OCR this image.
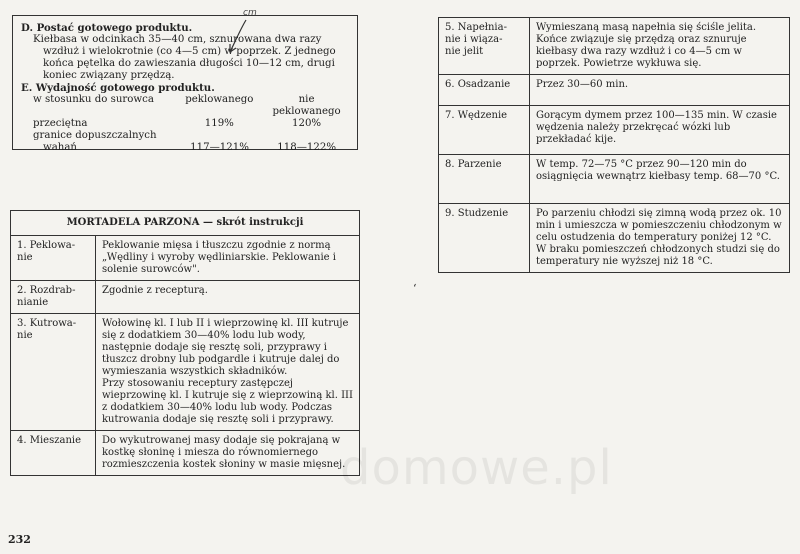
D. Postać gotowego produktu.
Kiełbasa w odcinkach 35—40 cm, sznurowana dwa razy
wzdłuż i wielokrotnie (co 4—5 cm) w poprzek. Z jednego
końca pętelka do zawieszania długości 10—12 cm, drugi
koniec związany przędzą.
E. Wydajność gotowego produktu.
w stosunku do surowca	peklowanego	nie peklowanego
przeciętna	119%	120%
granice dopuszczalnych
wahań	117—121%	118—122%
cm
MORTADELA PARZONA — skrót instrukcji	
1. Peklowa-
nie	Peklowanie mięsa i tłuszczu zgodnie z normą „Wędliny i wyroby wędliniarskie. Peklowanie i solenie surowców".
2. Rozdrab-
nianie	Zgodnie z recepturą.
3. Kutrowa-
nie	Wołowinę kl. I lub II i wieprzowinę kl. III kutruje się z dodatkiem 30—40% lodu lub wody, następnie dodaje się resztę soli, przyprawy i tłuszcz drobny lub podgardle i kutruje dalej do wymieszania wszystkich składników.
Przy stosowaniu receptury zastępczej wieprzowinę kl. I kutruje się z wieprzowiną kl. III z dodatkiem 30—40% lodu lub wody. Podczas kutrowania dodaje się resztę soli i przyprawy.
4. Mieszanie	Do wykutrowanej masy dodaje się pokrajaną w kostkę słoninę i miesza do równomiernego rozmieszczenia kostek słoniny w masie mięsnej.
232
5. Napełnia-
nie i wiąza-
nie jelit	Wymieszaną masą napełnia się ściśle jelita. Końce związuje się przędzą oraz sznuruje kiełbasy dwa razy wzdłuż i co 4—5 cm w poprzek. Powietrze wykłuwa się.
6. Osadzanie	Przez 30—60 min.
7. Wędzenie	Gorącym dymem przez 100—135 min. W czasie wędzenia należy przekręcać wózki lub przekładać kije.
8. Parzenie	W temp. 72—75 °C przez 90—120 min do osiągnięcia wewnątrz kiełbasy temp. 68—70 °C.
9. Studzenie	Po parzeniu chłodzi się zimną wodą przez ok. 10 min i umieszcza w pomieszczeniu chłodzonym w celu ostudzenia do temperatury poniżej 12 °C.
W braku pomieszczeń chłodzonych studzi się do temperatury nie wyższej niż 18 °C.
‘
domowe.pl
